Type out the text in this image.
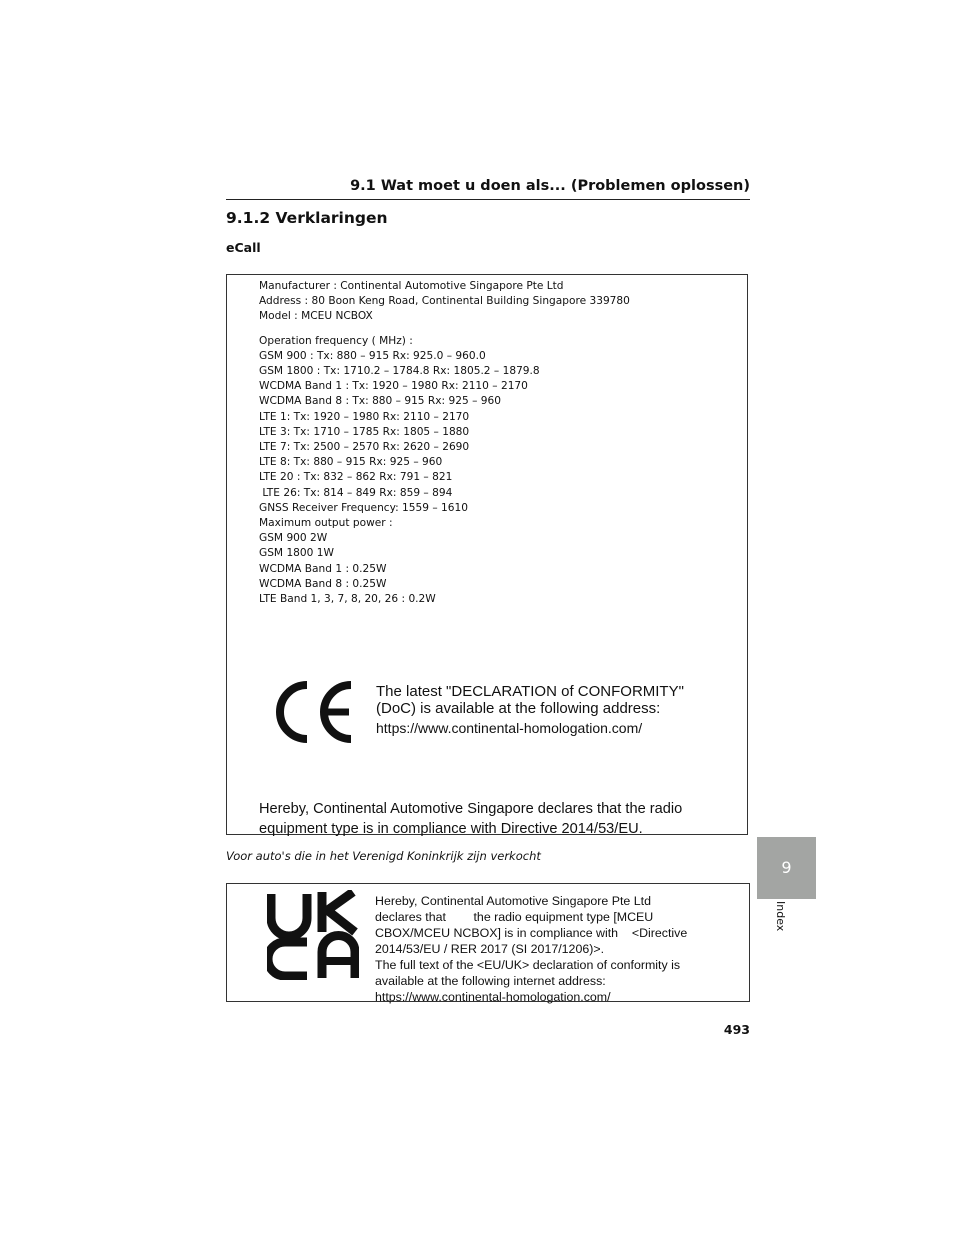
9.1 Wat moet u doen als... (Problemen oplossen)
9.1.2 Verklaringen
eCall
Manufacturer : Continental Automotive Singapore Pte Ltd
Address : 80 Boon Keng Road, Continental Building Singapore 339780
Model : MCEU NCBOX
Operation frequency ( MHz) :
GSM 900 : Tx: 880 – 915 Rx: 925.0 – 960.0
GSM 1800 : Tx: 1710.2 – 1784.8 Rx: 1805.2 – 1879.8
WCDMA Band 1 : Tx: 1920 – 1980 Rx: 2110 – 2170
WCDMA Band 8 : Tx: 880 – 915 Rx: 925 – 960
LTE 1: Tx: 1920 – 1980 Rx: 2110 – 2170
LTE 3: Tx: 1710 – 1785 Rx: 1805 – 1880
LTE 7: Tx: 2500 – 2570 Rx: 2620 – 2690
LTE 8: Tx: 880 – 915 Rx: 925 – 960
LTE 20 : Tx: 832 – 862 Rx: 791 – 821
LTE 26: Tx: 814 – 849 Rx: 859 – 894
GNSS Receiver Frequency: 1559 – 1610
Maximum output power :
GSM 900 2W
GSM 1800 1W
WCDMA Band 1 : 0.25W
WCDMA Band 8 : 0.25W
LTE Band 1, 3, 7, 8, 20, 26 : 0.2W
The latest "DECLARATION of CONFORMITY"
(DoC) is available at the following address:
https://www.continental-homologation.com/
Hereby, Continental Automotive Singapore declares that the radio
equipment type is in compliance with Directive 2014/53/EU.
Voor auto's die in het Verenigd Koninkrijk zijn verkocht
Hereby, Continental Automotive Singapore Pte Ltd
declares that        the radio equipment type [MCEU
CBOX/MCEU NCBOX] is in compliance with    <Directive
2014/53/EU / RER 2017 (SI 2017/1206)>.
The full text of the <EU/UK> declaration of conformity is
available at the following internet address:
https://www.continental-homologation.com/
493
9
Index
